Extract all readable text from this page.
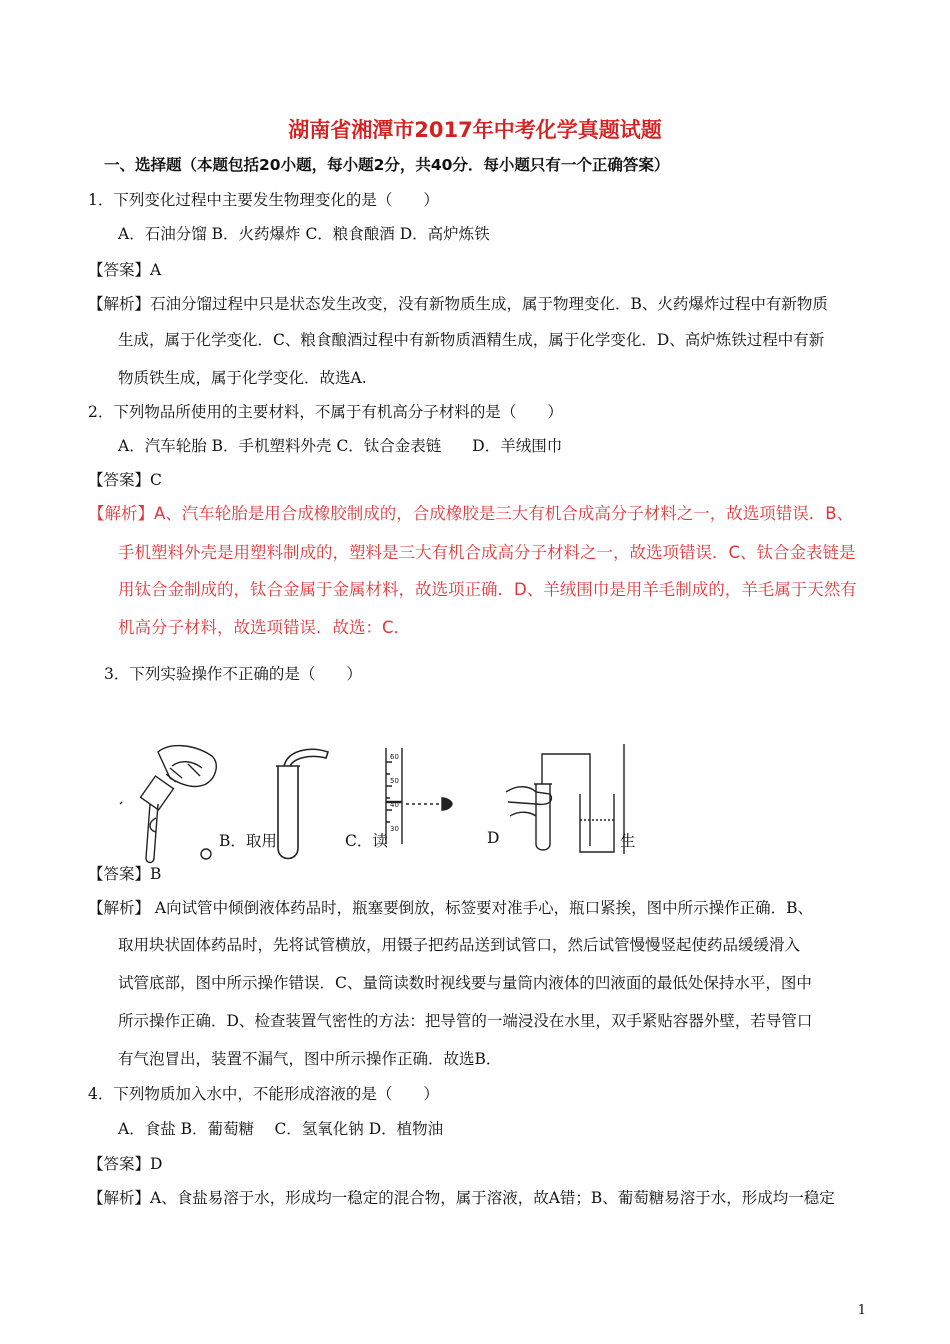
湖南省湘潭市2017年中考化学真题试题
一、选择题（本题包括20小题，每小题2分，共40分．每小题只有一个正确答案）
1．下列变化过程中主要发生物理变化的是（　　）
A．石油分馏 B．火药爆炸 C．粮食酿酒 D．高炉炼铁
【答案】A
【解析】石油分馏过程中只是状态发生改变，没有新物质生成，属于物理变化．B、火药爆炸过程中有新物质
生成，属于化学变化．C、粮食酿酒过程中有新物质酒精生成，属于化学变化．D、高炉炼铁过程中有新
物质铁生成，属于化学变化．故选A.
2．下列物品所使用的主要材料，不属于有机高分子材料的是（　　）
A．汽车轮胎 B．手机塑料外壳 C．钛合金表链　　D．羊绒围巾
【答案】C
【解析】A、汽车轮胎是用合成橡胶制成的，合成橡胶是三大有机合成高分子材料之一，故选项错误．B、
手机塑料外壳是用塑料制成的，塑料是三大有机合成高分子材料之一，故选项错误．C、钛合金表链是
用钛合金制成的，钛合金属于金属材料，故选项正确．D、羊绒围巾是用羊毛制成的，羊毛属于天然有
机高分子材料，故选项错误．故选：C．
3．下列实验操作不正确的是（　　）
B．取用	C．读
60
50
40
30	D	生
【答案】B
【解析】 A向试管中倾倒液体药品时，瓶塞要倒放，标签要对准手心，瓶口紧挨，图中所示操作正确．B、
取用块状固体药品时，先将试管横放，用镊子把药品送到试管口，然后试管慢慢竖起使药品缓缓滑入
试管底部，图中所示操作错误．C、量筒读数时视线要与量筒内液体的凹液面的最低处保持水平，图中
所示操作正确．D、检查装置气密性的方法：把导管的一端浸没在水里，双手紧贴容器外壁，若导管口
有气泡冒出，装置不漏气，图中所示操作正确．故选B．
4．下列物质加入水中，不能形成溶液的是（　　）
A．食盐 B．葡萄糖　 C．氢氧化钠 D．植物油
【答案】D
【解析】A、食盐易溶于水，形成均一稳定的混合物，属于溶液，故A错；B、葡萄糖易溶于水，形成均一稳定
1
